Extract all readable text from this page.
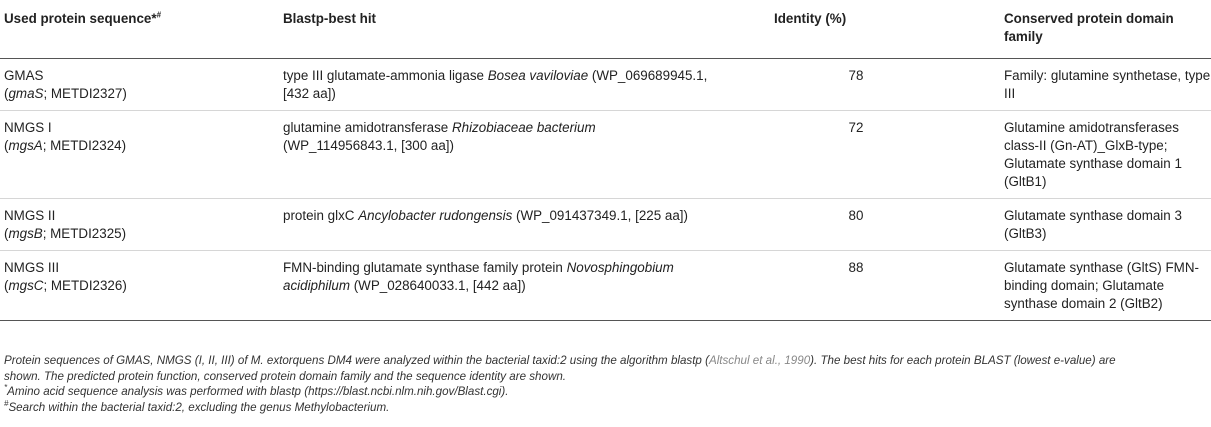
Used protein sequence*#	Blastp-best hit	Identity (%)	Conserved protein domain family
GMAS
(gmaS; METDI2327)	type III glutamate-ammonia ligase Bosea vaviloviae (WP_069689945.1, [432 aa])	78	Family: glutamine synthetase, type III
NMGS I
(mgsA; METDI2324)	glutamine amidotransferase Rhizobiaceae bacterium (WP_114956843.1, [300 aa])	72	Glutamine amidotransferases class-II (Gn-AT)_GlxB-type; Glutamate synthase domain 1 (GltB1)
NMGS II
(mgsB; METDI2325)	protein glxC Ancylobacter rudongensis (WP_091437349.1, [225 aa])	80	Glutamate synthase domain 3 (GltB3)
NMGS III
(mgsC; METDI2326)	FMN-binding glutamate synthase family protein Novosphingobium acidiphilum (WP_028640033.1, [442 aa])	88	Glutamate synthase (GltS) FMN-binding domain; Glutamate synthase domain 2 (GltB2)

Protein sequences of GMAS, NMGS (I, II, III) of M. extorquens DM4 were analyzed within the bacterial taxid:2 using the algorithm blastp (Altschul et al., 1990). The best hits for each protein BLAST (lowest e-value) are shown. The predicted protein function, conserved protein domain family and the sequence identity are shown.

*Amino acid sequence analysis was performed with blastp (https://blast.ncbi.nlm.nih.gov/Blast.cgi).

#Search within the bacterial taxid:2, excluding the genus Methylobacterium.
